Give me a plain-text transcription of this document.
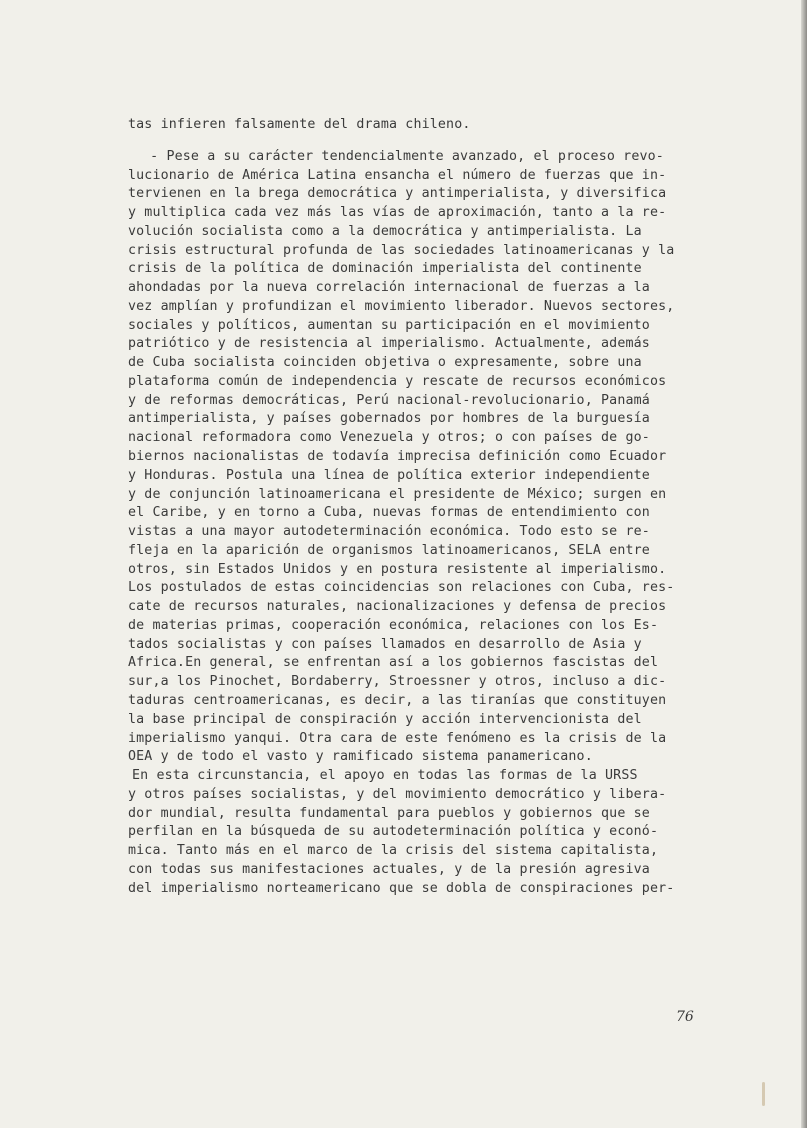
tas infieren falsamente del drama chileno.
- Pese a su carácter tendencialmente avanzado, el proceso revo-
lucionario de América Latina ensancha el número de fuerzas que in-
tervienen en la brega democrática y antimperialista, y diversifica
y multiplica cada vez más las vías de aproximación, tanto a la re-
volución socialista como a la democrática y antimperialista. La
crisis estructural profunda de las sociedades latinoamericanas y la
crisis de la política de dominación imperialista del continente
ahondadas por la nueva correlación internacional de fuerzas a la
vez amplían y profundizan el movimiento liberador. Nuevos sectores,
sociales y políticos, aumentan su participación en el movimiento
patriótico y de resistencia al imperialismo. Actualmente, además
de Cuba socialista coinciden objetiva o expresamente, sobre una
plataforma común de independencia y rescate de recursos económicos
y de reformas democráticas, Perú nacional-revolucionario, Panamá
antimperialista, y países gobernados por hombres de la burguesía
nacional reformadora como Venezuela y otros; o con países de go-
biernos nacionalistas de todavía imprecisa definición como Ecuador
y Honduras. Postula una línea de política exterior independiente
y de conjunción latinoamericana el presidente de México; surgen en
el Caribe, y en torno a Cuba, nuevas formas de entendimiento con
vistas a una mayor autodeterminación económica. Todo esto se re-
fleja en la aparición de organismos latinoamericanos, SELA entre
otros, sin Estados Unidos y en postura resistente al imperialismo.
Los postulados de estas coincidencias son relaciones con Cuba, res-
cate de recursos naturales, nacionalizaciones y defensa de precios
de materias primas, cooperación económica, relaciones con los Es-
tados socialistas y con países llamados en desarrollo de Asia y
Africa.En general, se enfrentan así a los gobiernos fascistas del
sur,a los Pinochet, Bordaberry, Stroessner y otros, incluso a dic-
taduras centroamericanas, es decir, a las tiranías que constituyen
la base principal de conspiración y acción intervencionista del
imperialismo yanqui. Otra cara de este fenómeno es la crisis de la
OEA y de todo el vasto y ramificado sistema panamericano.
En esta circunstancia, el apoyo en todas las formas de la URSS
y otros países socialistas, y del movimiento democrático y libera-
dor mundial, resulta fundamental para pueblos y gobiernos que se
perfilan en la búsqueda de su autodeterminación política y econó-
mica. Tanto más en el marco de la crisis del sistema capitalista,
con todas sus manifestaciones actuales, y de la presión agresiva
del imperialismo norteamericano que se dobla de conspiraciones per-
76
